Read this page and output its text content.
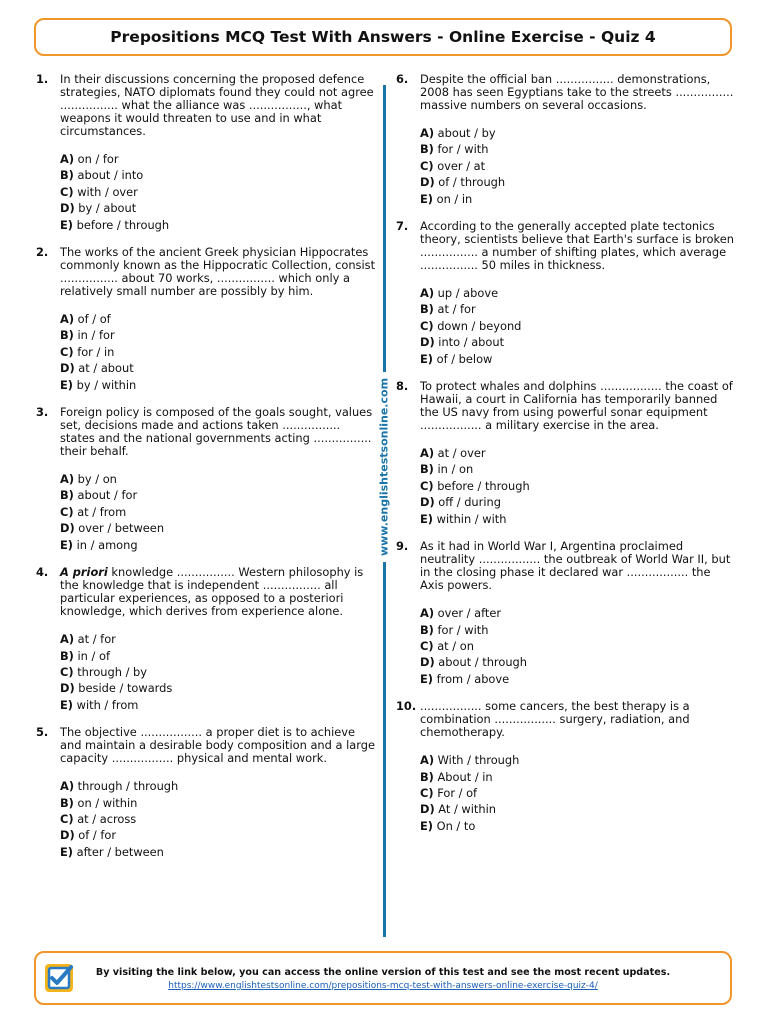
Prepositions MCQ Test With Answers - Online Exercise - Quiz 4
1.	In their discussions concerning the proposed defence strategies, NATO diplomats found they could not agree ................ what the alliance was ................, what weapons it would threaten to use and in what circumstances.

A) on / for
B) about / into
C) with / over
D) by / about
E) before / through
2.	The works of the ancient Greek physician Hippocrates commonly known as the Hippocratic Collection, consist ................ about 70 works, ................ which only a relatively small number are possibly by him.

A) of / of
B) in / for
C) for / in
D) at / about
E) by / within
3.	Foreign policy is composed of the goals sought, values set, decisions made and actions taken ................ states and the national governments acting ................ their behalf.

A) by / on
B) about / for
C) at / from
D) over / between
E) in / among
4.	A priori knowledge ................ Western philosophy is the knowledge that is independent ................ all particular experiences, as opposed to a posteriori knowledge, which derives from experience alone.

A) at / for
B) in / of
C) through / by
D) beside / towards
E) with / from
5.	The objective ................. a proper diet is to achieve and maintain a desirable body composition and a large capacity ................. physical and mental work.

A) through / through
B) on / within
C) at / across
D) of / for
E) after / between
6.	Despite the official ban ................ demonstrations, 2008 has seen Egyptians take to the streets ................ massive numbers on several occasions.

A) about / by
B) for / with
C) over / at
D) of / through
E) on / in
7.	According to the generally accepted plate tectonics theory, scientists believe that Earth's surface is broken ................ a number of shifting plates, which average ................ 50 miles in thickness.

A) up / above
B) at / for
C) down / beyond
D) into / about
E) of / below
8.	To protect whales and dolphins ................. the coast of Hawaii, a court in California has temporarily banned the US navy from using powerful sonar equipment ................. a military exercise in the area.

A) at / over
B) in / on
C) before / through
D) off / during
E) within / with
9.	As it had in World War I, Argentina proclaimed neutrality ................. the outbreak of World War II, but in the closing phase it declared war ................. the Axis powers.

A) over / after
B) for / with
C) at / on
D) about / through
E) from / above
10. ................. some cancers, the best therapy is a combination ................. surgery, radiation, and chemotherapy.

A) With / through
B) About / in
C) For / of
D) At / within
E) On / to
www.englishtestsonline.com
By visiting the link below, you can access the online version of this test and see the most recent updates.
https://www.englishtestsonline.com/prepositions-mcq-test-with-answers-online-exercise-quiz-4/
